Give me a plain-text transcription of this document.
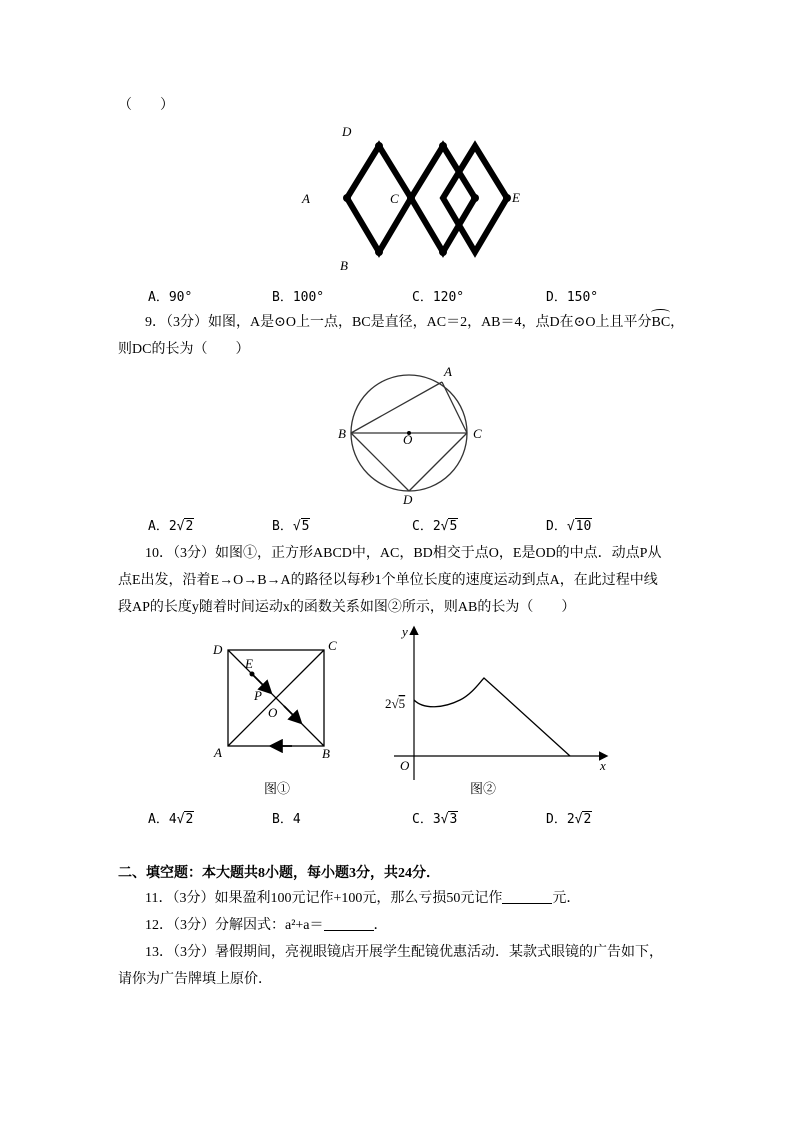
（　　）
D
A	C	E
B
A．90°	B．100°	C．120°	D．150°
9．（3分）如图，A是⊙O上一点，BC是直径，AC＝2，AB＝4，点D在⊙O上且平分
BC，
则DC的长为（　　）
A
B	C
O
D
A．2√2	B．√5	C．2√5	D．√10
10．（3分）如图①，正方形ABCD中，AC，BD相交于点O，E是OD的中点．动点P从
点E出发，沿着E→O→B→A的路径以每秒1个单位长度的速度运动到点A，在此过程中线
段AP的长度y随着时间运动x的函数关系如图②所示，则AB的长为（　　）
D	C
E
P
O
A	B
图①
y
x
O
2√5
图②
A．4√2	B．4	C．3√3	D．2√2
二、填空题：本大题共8小题，每小题3分，共24分．
11．（3分）如果盈利100元记作+100元，那么亏损50元记作	元．
12．（3分）分解因式：a²+a＝	．
13．（3分）暑假期间，亮视眼镜店开展学生配镜优惠活动．某款式眼镜的广告如下，
请你为广告牌填上原价．
